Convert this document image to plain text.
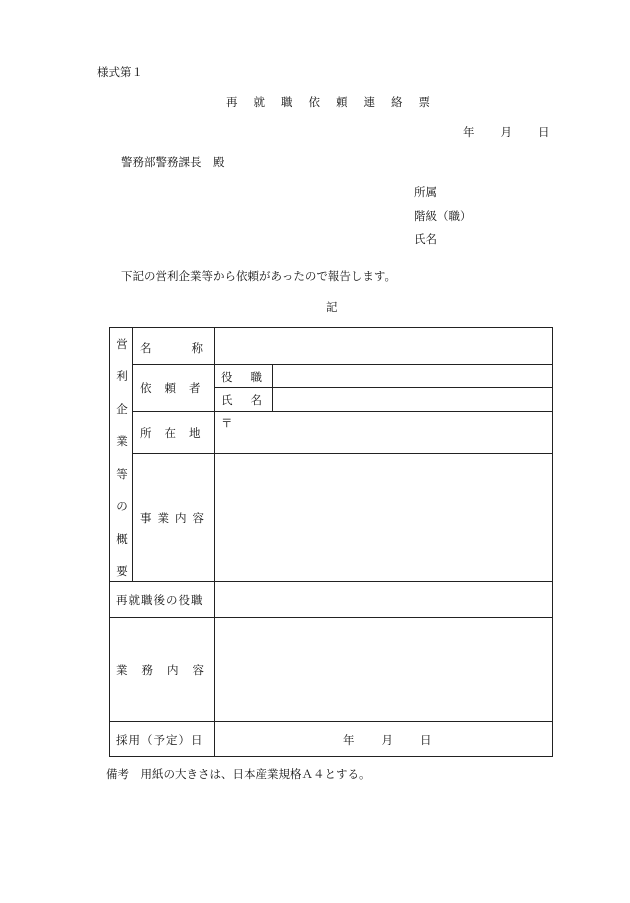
様式第１
再就職依頼連絡票
年 月 日
警務部警務課長　殿
所属
階級（職）
氏名
下記の営利企業等から依頼があったので報告します。
記
営
利
企
業
等
の
概
要
名称
依頼者
役職
氏名
所在地
〒
事業内容
再就職後の役職
業務内容
採用（予定）日	年 月 日
備考　用紙の大きさは、日本産業規格Ａ４とする。
